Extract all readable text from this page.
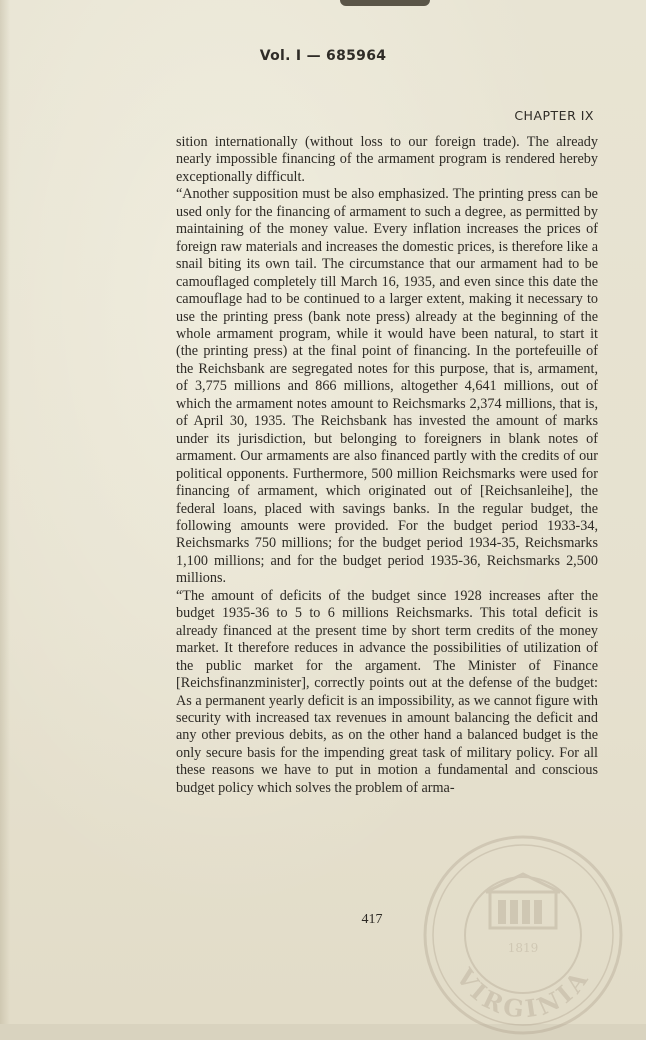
Vol. I — 685964
CHAPTER IX

sition internationally (without loss to our foreign trade). The already nearly impossible financing of the armament program is rendered hereby exceptionally difficult.

“Another supposition must be also emphasized. The printing press can be used only for the financing of armament to such a degree, as permitted by maintaining of the money value. Every inflation increases the prices of foreign raw materials and increases the domestic prices, is therefore like a snail biting its own tail. The circumstance that our armament had to be camouflaged completely till March 16, 1935, and even since this date the camouflage had to be continued to a larger extent, making it necessary to use the printing press (bank note press) already at the beginning of the whole armament program, while it would have been natural, to start it (the printing press) at the final point of financing. In the portefeuille of the Reichsbank are segregated notes for this purpose, that is, armament, of 3,775 millions and 866 millions, altogether 4,641 millions, out of which the armament notes amount to Reichsmarks 2,374 millions, that is, of April 30, 1935. The Reichsbank has invested the amount of marks under its jurisdiction, but belonging to foreigners in blank notes of armament. Our armaments are also financed partly with the credits of our political opponents. Furthermore, 500 million Reichsmarks were used for financing of armament, which originated out of [Reichsanleihe], the federal loans, placed with savings banks. In the regular budget, the following amounts were provided. For the budget period 1933-34, Reichsmarks 750 millions; for the budget period 1934-35, Reichsmarks 1,100 millions; and for the budget period 1935-36, Reichsmarks 2,500 millions.

“The amount of deficits of the budget since 1928 increases after the budget 1935-36 to 5 to 6 millions Reichsmarks. This total deficit is already financed at the present time by short term credits of the money market. It therefore reduces in advance the possibilities of utilization of the public market for the argament. The Minister of Finance [Reichsfinanzminister], correctly points out at the defense of the budget: As a permanent yearly deficit is an impossibility, as we cannot figure with security with increased tax revenues in amount balancing the deficit and any other previous debits, as on the other hand a balanced budget is the only secure basis for the impending great task of military policy. For all these reasons we have to put in motion a fundamental and conscious budget policy which solves the problem of arma-

417
1819
VIRGINIA
